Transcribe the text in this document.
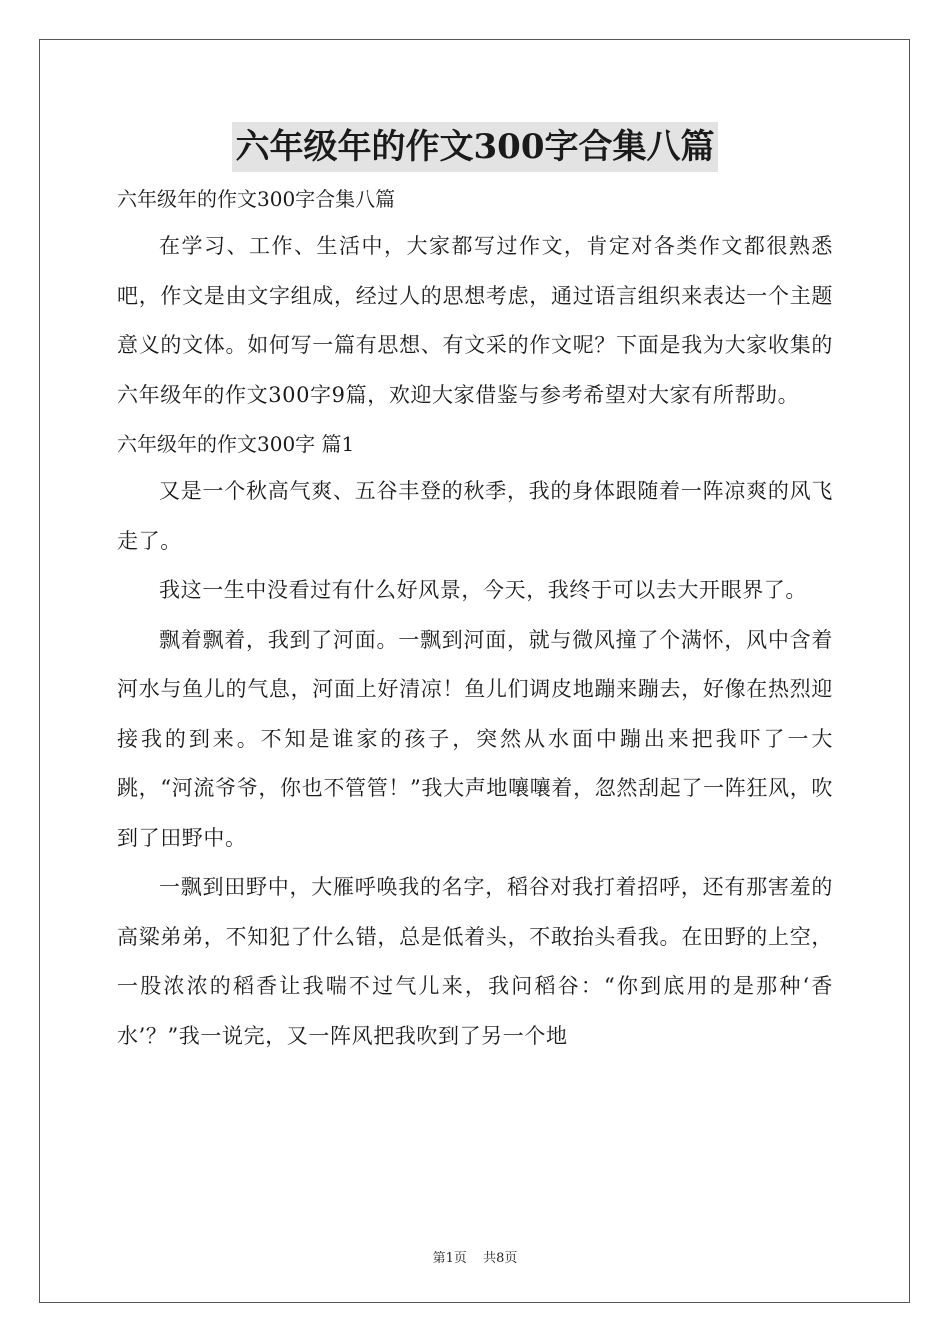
六年级年的作文300字合集八篇
六年级年的作文300字合集八篇

在学习、工作、生活中，大家都写过作文，肯定对各类作文都很熟悉吧，作文是由文字组成，经过人的思想考虑，通过语言组织来表达一个主题意义的文体。如何写一篇有思想、有文采的作文呢？下面是我为大家收集的六年级年的作文300字9篇，欢迎大家借鉴与参考希望对大家有所帮助。

六年级年的作文300字 篇1

又是一个秋高气爽、五谷丰登的秋季，我的身体跟随着一阵凉爽的风飞走了。

我这一生中没看过有什么好风景，今天，我终于可以去大开眼界了。

飘着飘着，我到了河面。一飘到河面，就与微风撞了个满怀，风中含着河水与鱼儿的气息，河面上好清凉！鱼儿们调皮地蹦来蹦去，好像在热烈迎接我的到来。不知是谁家的孩子，突然从水面中蹦出来把我吓了一大跳，“河流爷爷，你也不管管！”我大声地嚷嚷着，忽然刮起了一阵狂风，吹到了田野中。

一飘到田野中，大雁呼唤我的名字，稻谷对我打着招呼，还有那害羞的高粱弟弟，不知犯了什么错，总是低着头，不敢抬头看我。在田野的上空，一股浓浓的稻香让我喘不过气儿来，我问稻谷：“你到底用的是那种‘香水’？”我一说完，又一阵风把我吹到了另一个地

第1页 共8页
